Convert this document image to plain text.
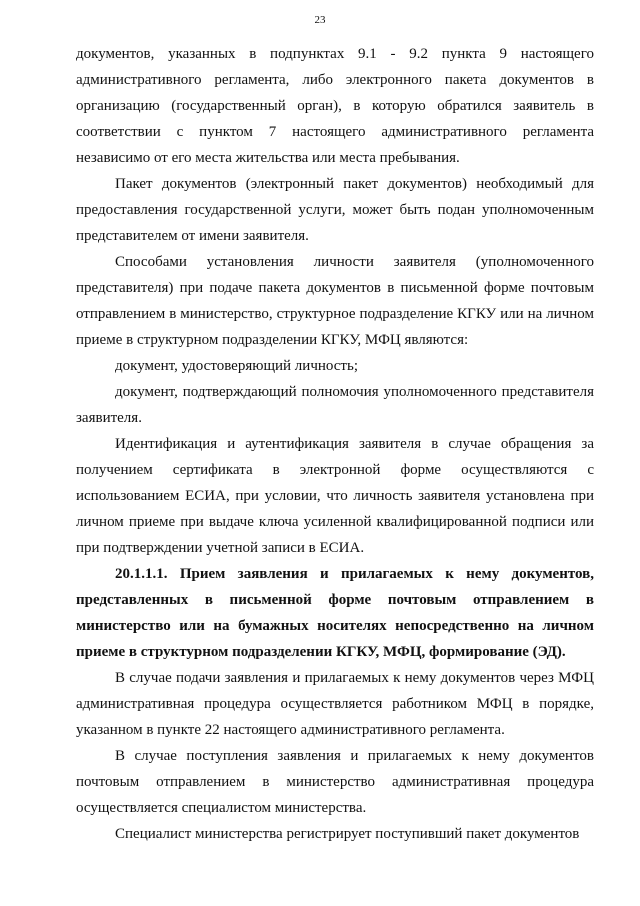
23

документов, указанных в подпунктах 9.1 - 9.2 пункта 9 настоящего административного регламента, либо электронного пакета документов в организацию (государственный орган), в которую обратился заявитель в соответствии с пунктом 7 настоящего административного регламента независимо от его места жительства или места пребывания.

Пакет документов (электронный пакет документов) необходимый для предоставления государственной услуги, может быть подан уполномоченным представителем от имени заявителя.

Способами установления личности заявителя (уполномоченного представителя) при подаче пакета документов в письменной форме почтовым отправлением в министерство, структурное подразделение КГКУ или на личном приеме в структурном подразделении КГКУ, МФЦ являются:

документ, удостоверяющий личность;

документ, подтверждающий полномочия уполномоченного представителя заявителя.

Идентификация и аутентификация заявителя в случае обращения за получением сертификата в электронной форме осуществляются с использованием ЕСИА, при условии, что личность заявителя установлена при личном приеме при выдаче ключа усиленной квалифицированной подписи или при подтверждении учетной записи в ЕСИА.

20.1.1.1. Прием заявления и прилагаемых к нему документов, представленных в письменной форме почтовым отправлением в министерство или на бумажных носителях непосредственно на личном приеме в структурном подразделении КГКУ, МФЦ, формирование (ЭД).

В случае подачи заявления и прилагаемых к нему документов через МФЦ административная процедура осуществляется работником МФЦ в порядке, указанном в пункте 22 настоящего административного регламента.

В случае поступления заявления и прилагаемых к нему документов почтовым отправлением в министерство административная процедура осуществляется специалистом министерства.

Специалист министерства регистрирует поступивший пакет документов
